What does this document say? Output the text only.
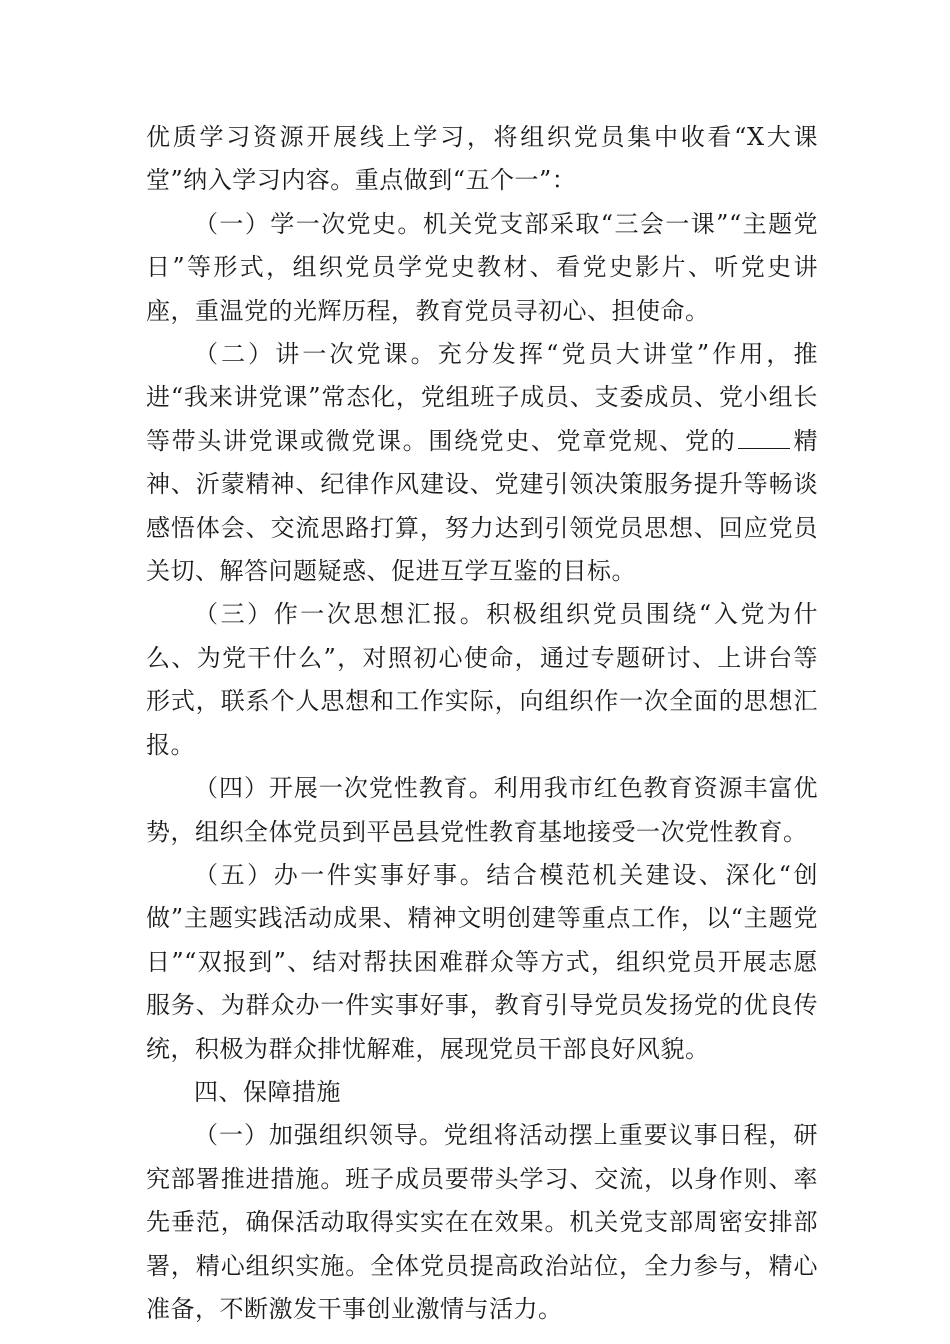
优质学习资源开展线上学习，将组织党员集中收看“X大课堂”纳入学习内容。重点做到“五个一”：

（一）学一次党史。机关党支部采取“三会一课”“主题党日”等形式，组织党员学党史教材、看党史影片、听党史讲座，重温党的光辉历程，教育党员寻初心、担使命。

（二）讲一次党课。充分发挥“党员大讲堂”作用，推进“我来讲党课”常态化，党组班子成员、支委成员、党小组长等带头讲党课或微党课。围绕党史、党章党规、党的 精神、沂蒙精神、纪律作风建设、党建引领决策服务提升等畅谈感悟体会、交流思路打算，努力达到引领党员思想、回应党员关切、解答问题疑惑、促进互学互鉴的目标。

（三）作一次思想汇报。积极组织党员围绕“入党为什么、为党干什么”，对照初心使命，通过专题研讨、上讲台等形式，联系个人思想和工作实际，向组织作一次全面的思想汇报。

（四）开展一次党性教育。利用我市红色教育资源丰富优势，组织全体党员到平邑县党性教育基地接受一次党性教育。

（五）办一件实事好事。结合模范机关建设、深化“创做”主题实践活动成果、精神文明创建等重点工作，以“主题党日”“双报到”、结对帮扶困难群众等方式，组织党员开展志愿服务、为群众办一件实事好事，教育引导党员发扬党的优良传统，积极为群众排忧解难，展现党员干部良好风貌。

四、保障措施

（一）加强组织领导。党组将活动摆上重要议事日程，研究部署推进措施。班子成员要带头学习、交流，以身作则、率先垂范，确保活动取得实实在在效果。机关党支部周密安排部署，精心组织实施。全体党员提高政治站位，全力参与，精心准备，不断激发干事创业激情与活力。
